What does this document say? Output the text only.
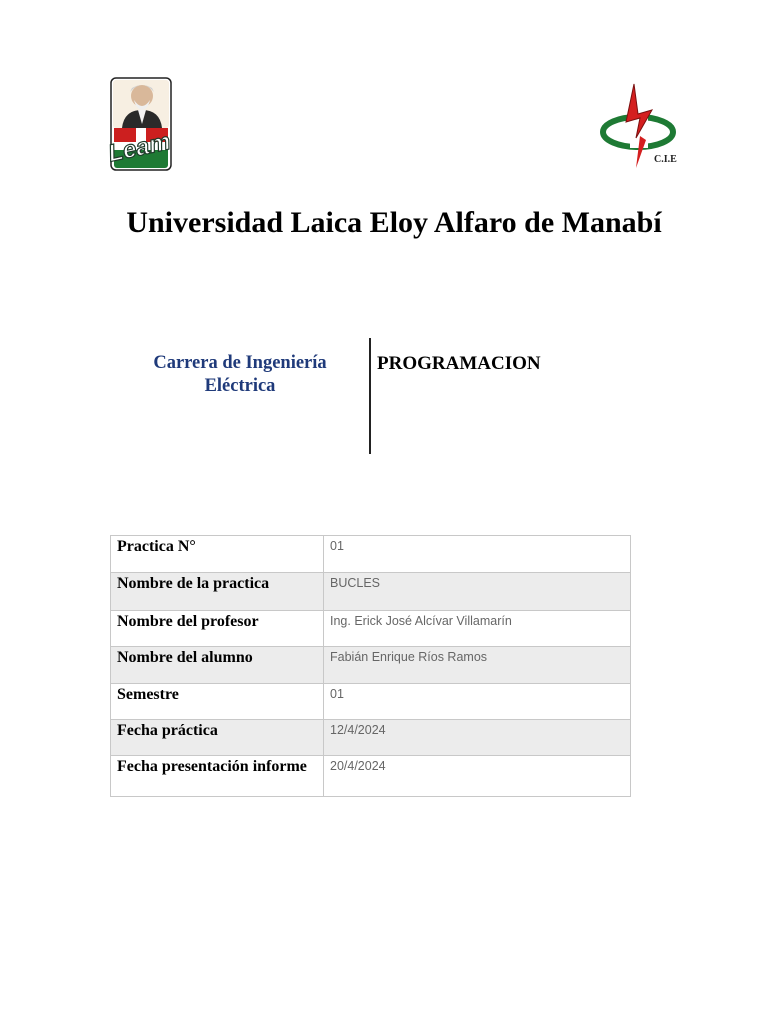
Leam	C.I.E
Universidad Laica Eloy Alfaro de Manabí
Carrera de Ingeniería Eléctrica
PROGRAMACION
Practica N°	01
Nombre de la practica	BUCLES
Nombre del profesor	Ing. Erick José Alcívar Villamarín
Nombre del alumno	Fabián Enrique Ríos Ramos
Semestre	01
Fecha práctica	12/4/2024
Fecha presentación informe	20/4/2024
